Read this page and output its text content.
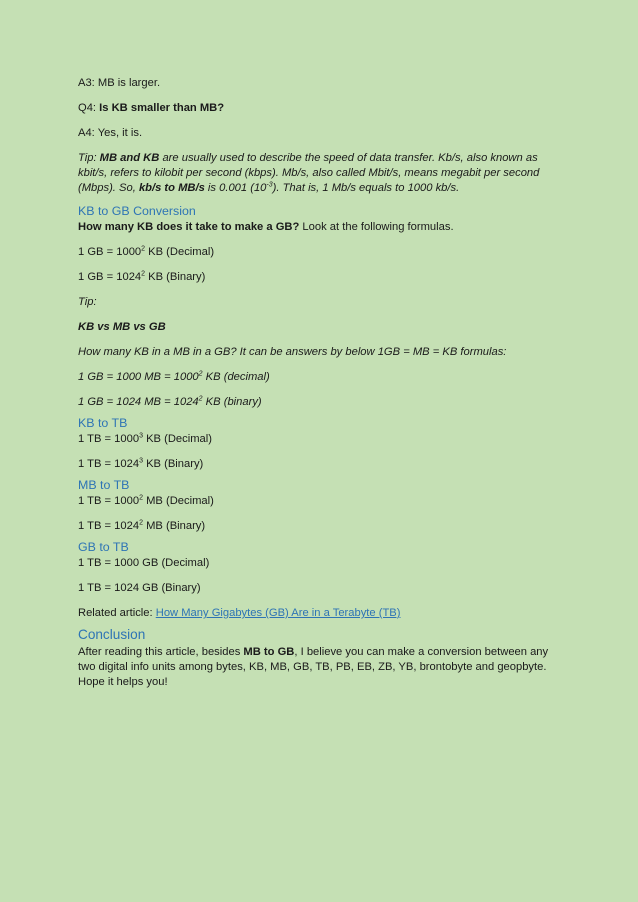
A3: MB is larger.

Q4: Is KB smaller than MB?

A4: Yes, it is.

Tip: MB and KB are usually used to describe the speed of data transfer. Kb/s, also known as kbit/s, refers to kilobit per second (kbps). Mb/s, also called Mbit/s, means megabit per second (Mbps). So, kb/s to MB/s is 0.001 $(10^{-3})$. That is, 1 Mb/s equals to 1000 kb/s.

KB to GB Conversion

How many KB does it take to make a GB? Look at the following formulas.

1 GB = $1000^2$ KB (Decimal)

1 GB = $1024^2$ KB (Binary)

Tip:

KB vs MB vs GB

How many KB in a MB in a GB? It can be answers by below 1GB = MB = KB formulas:

1 GB = 1000 MB = $1000^2$ KB (decimal)

1 GB = 1024 MB = $1024^2$ KB (binary)

KB to TB

1 TB = $1000^3$ KB (Decimal)

1 TB = $1024^3$ KB (Binary)

MB to TB

1 TB = $1000^2$ MB (Decimal)

1 TB = $1024^2$ MB (Binary)

GB to TB

1 TB = 1000 GB (Decimal)

1 TB = 1024 GB (Binary)

Related article: How Many Gigabytes (GB) Are in a Terabyte (TB)

Conclusion

After reading this article, besides MB to GB, I believe you can make a conversion between any two digital info units among bytes, KB, MB, GB, TB, PB, EB, ZB, YB, brontobyte and geopbyte. Hope it helps you!
